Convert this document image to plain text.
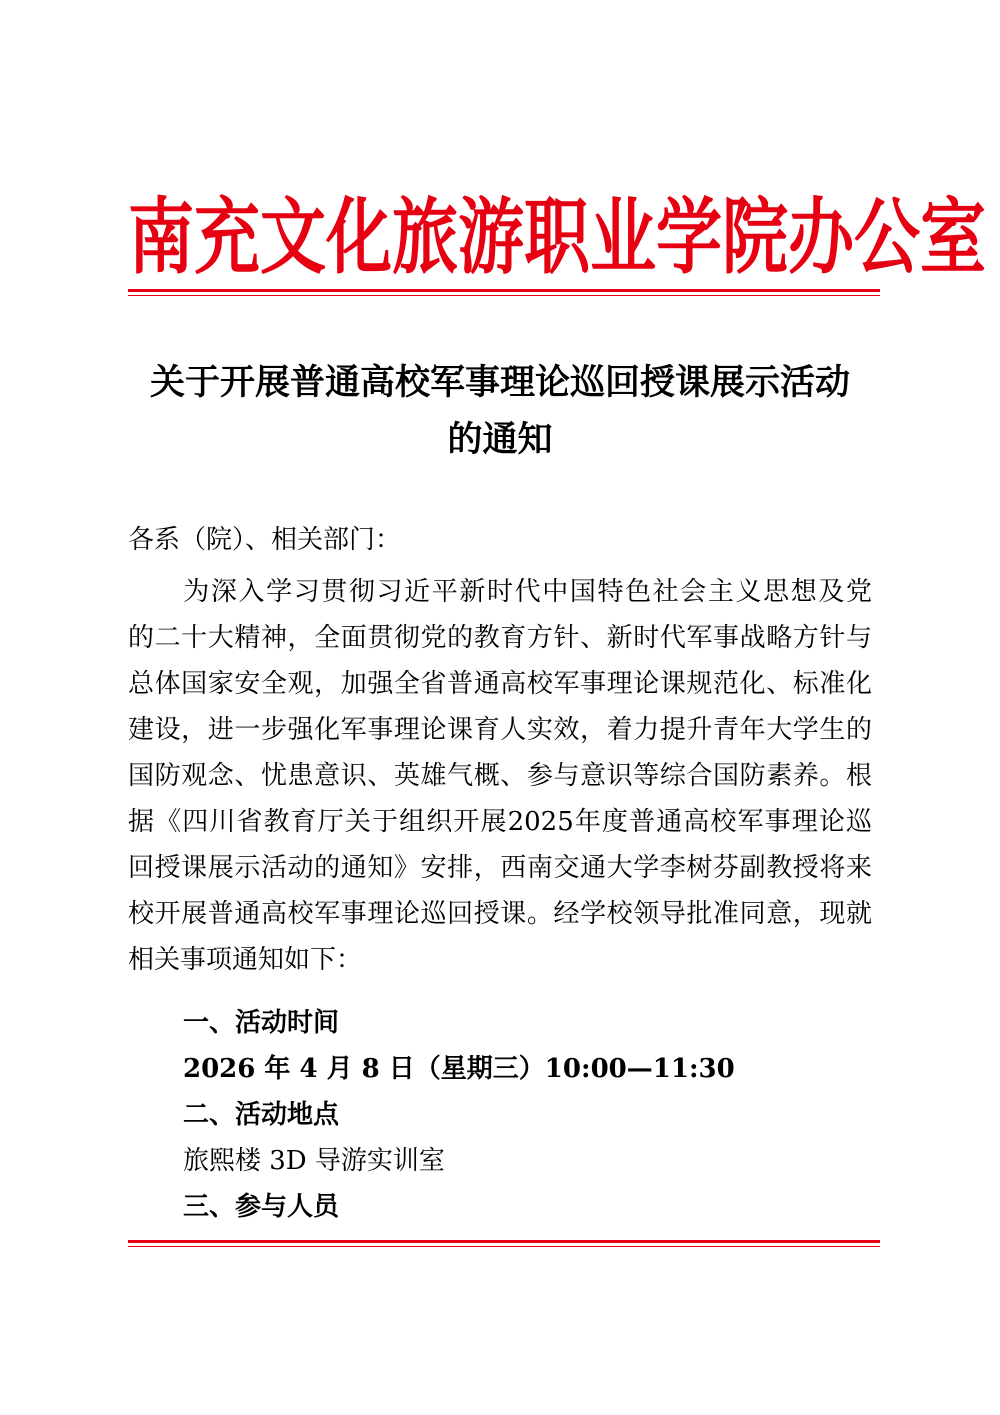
南充文化旅游职业学院办公室
关于开展普通高校军事理论巡回授课展示活动
的通知

各系（院）、相关部门：

　　为深入学习贯彻习近平新时代中国特色社会主义思想及党
的二十大精神，全面贯彻党的教育方针、新时代军事战略方针与
总体国家安全观，加强全省普通高校军事理论课规范化、标准化
建设，进一步强化军事理论课育人实效，着力提升青年大学生的
国防观念、忧患意识、英雄气概、参与意识等综合国防素养。根
据《四川省教育厅关于组织开展2025年度普通高校军事理论巡
回授课展示活动的通知》安排，西南交通大学李树芬副教授将来
校开展普通高校军事理论巡回授课。经学校领导批准同意，现就
相关事项通知如下：

一、活动时间

2026 年 4 月 8 日（星期三）10:00—11:30

二、活动地点

旅熙楼 3D 导游实训室

三、参与人员
